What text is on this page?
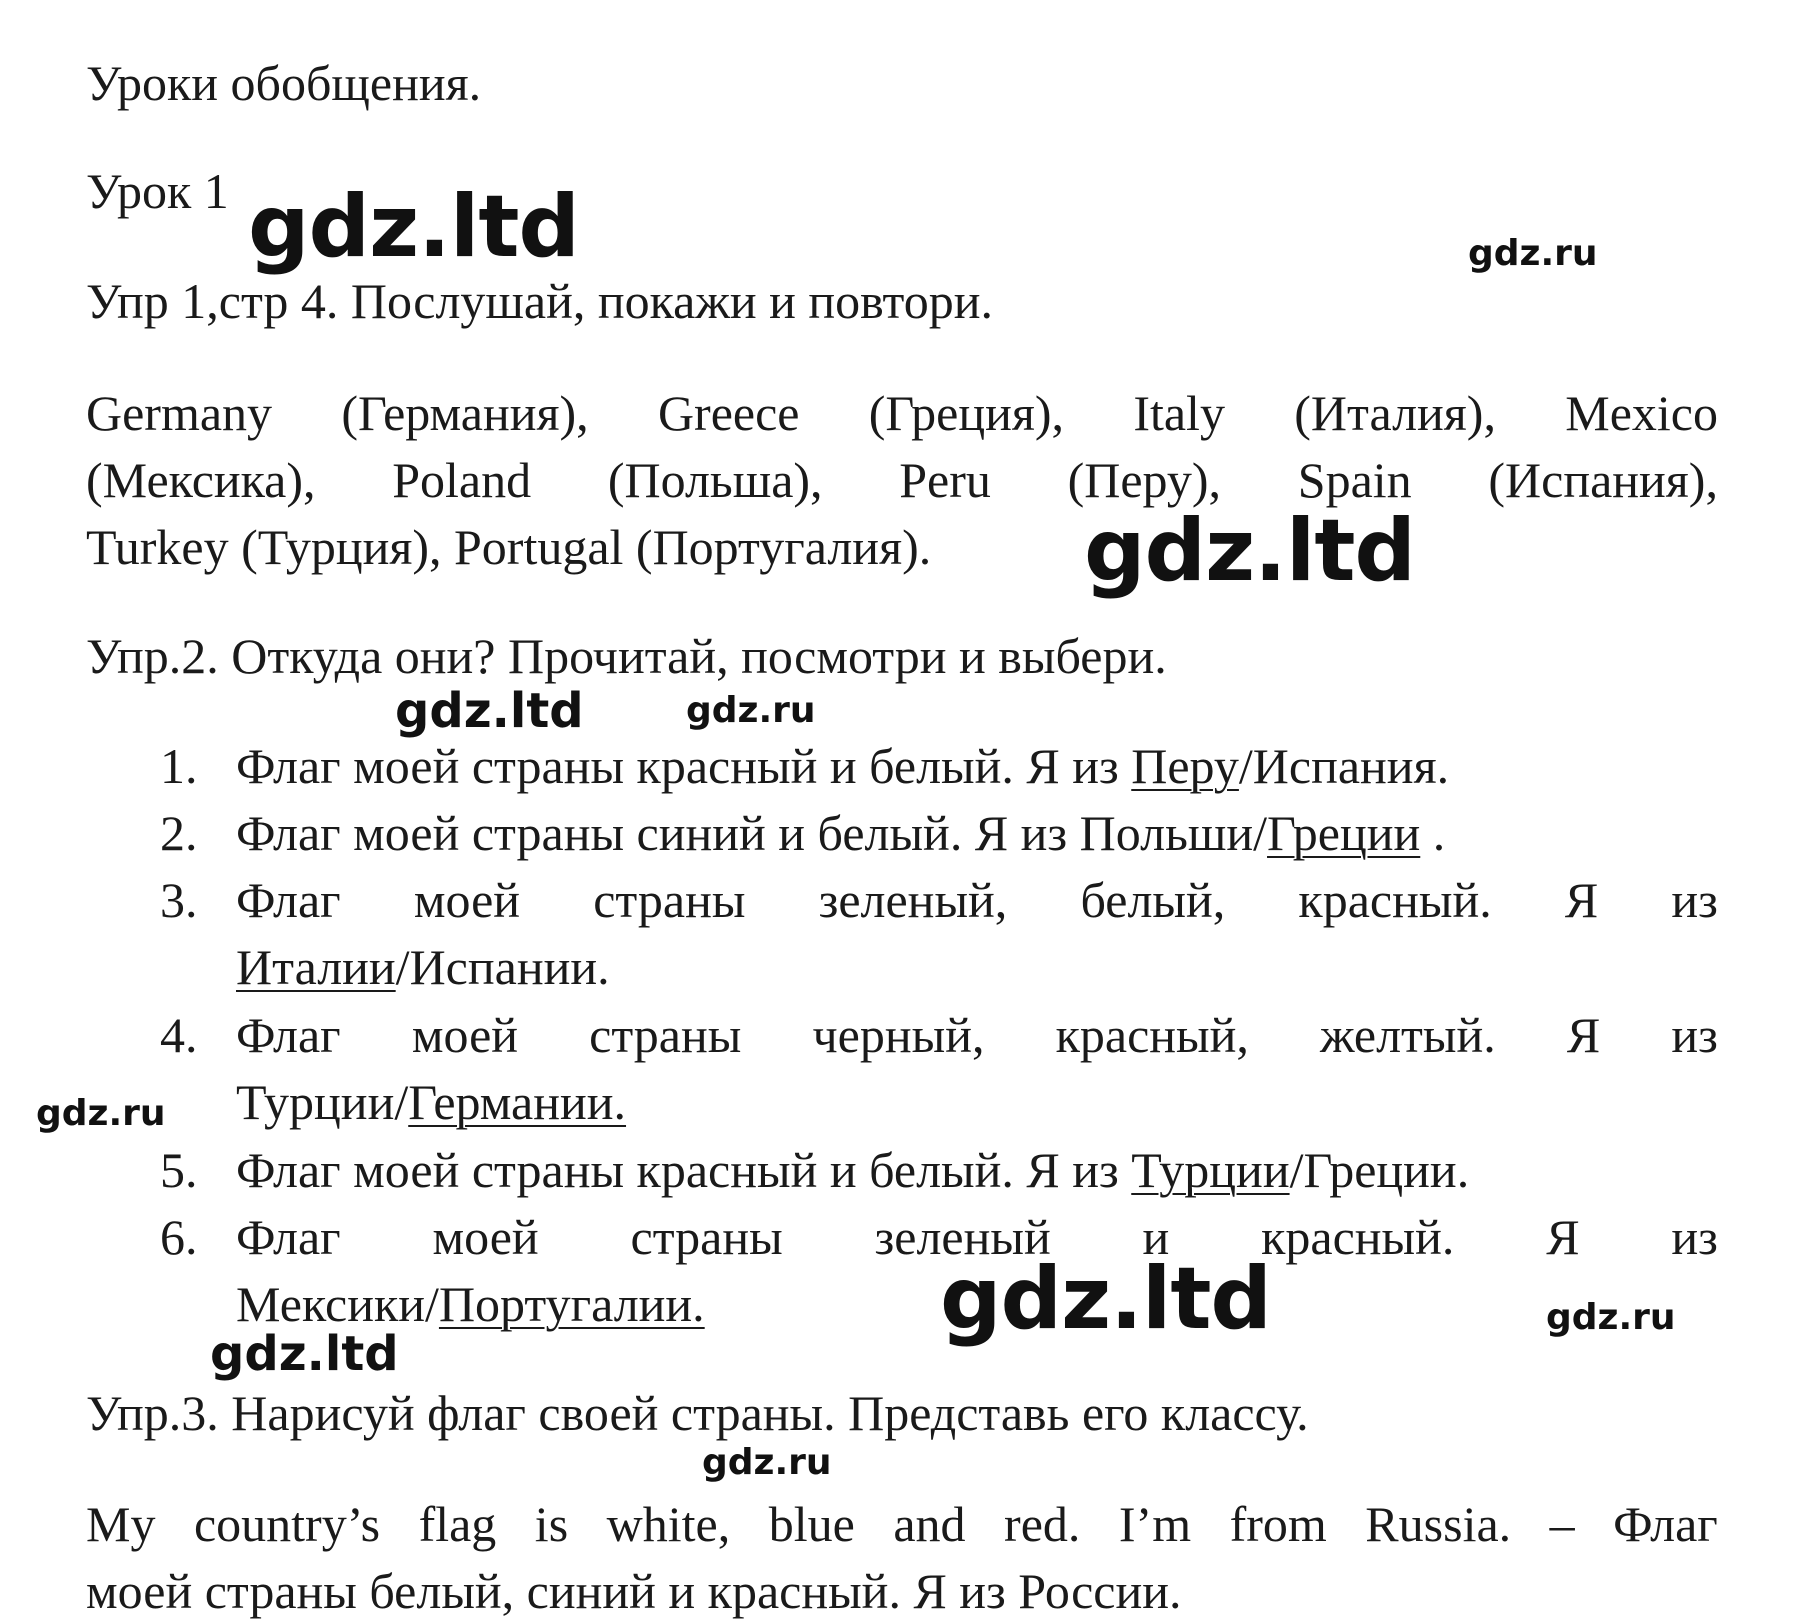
Уроки обобщения.
Урок 1
Упр 1,стр 4. Послушай, покажи и повтори.
Germany (Германия), Greece (Греция), Italy (Италия), Mexico
(Мексика), Poland (Польша), Peru (Перу), Spain (Испания),
Turkey (Турция), Portugal (Португалия).
Упр.2. Откуда они? Прочитай, посмотри и выбери.
1. Флаг моей страны красный и белый. Я из Перу/Испания.
2. Флаг моей страны синий и белый. Я из Польши/Греции .
3. Флаг моей страны зеленый, белый, красный. Я из
Италии/Испании.
4. Флаг моей страны черный, красный, желтый. Я из
Турции/Германии.
5. Флаг моей страны красный и белый. Я из Турции/Греции.
6. Флаг моей страны зеленый и красный. Я из
Мексики/Португалии.
Упр.3. Нарисуй флаг своей страны. Представь его классу.
My country’s flag is white, blue and red. I’m from Russia. – Флаг
моей страны белый, синий и красный. Я из России.
gdz.ltd	gdz.ru
gdz.ltd
gdz.ltd	gdz.ru
gdz.ru
gdz.ltd	gdz.ru
gdz.ltd
gdz.ru
